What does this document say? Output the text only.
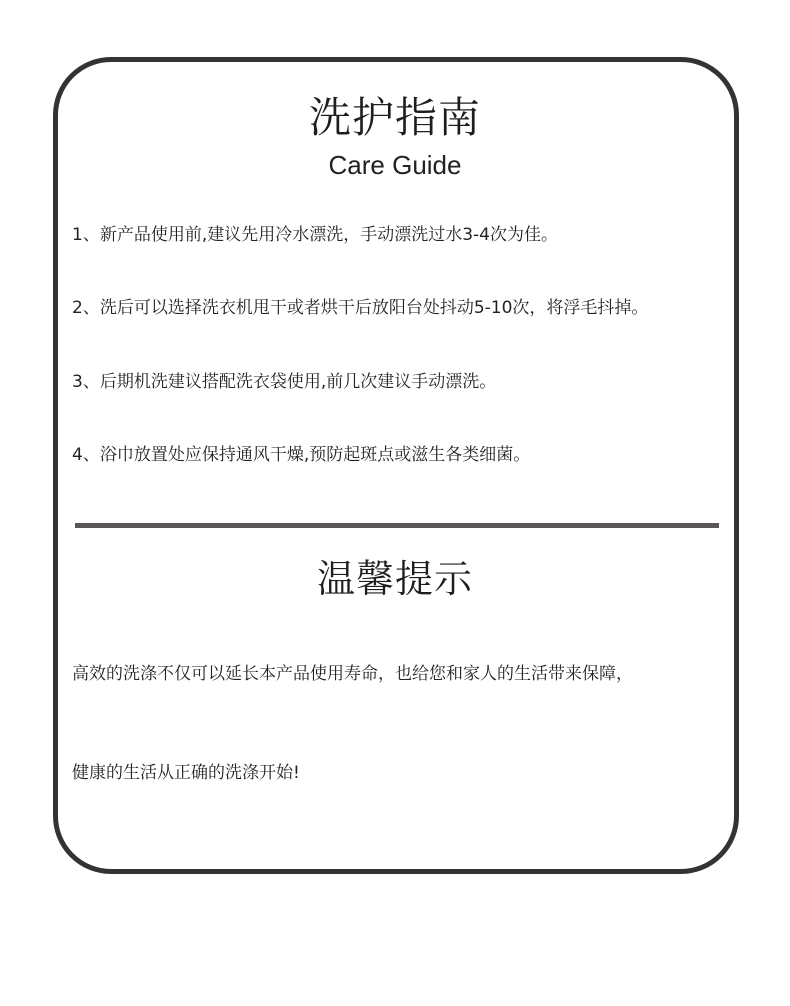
洗护指南
Care Guide
1、新产品使用前,建议先用冷水漂洗，手动漂洗过水3-4次为佳。
2、洗后可以选择洗衣机甩干或者烘干后放阳台处抖动5-10次，将浮毛抖掉。
3、后期机洗建议搭配洗衣袋使用,前几次建议手动漂洗。
4、浴巾放置处应保持通风干燥,预防起斑点或滋生各类细菌。
温馨提示
高效的洗涤不仅可以延长本产品使用寿命，也给您和家人的生活带来保障，
健康的生活从正确的洗涤开始!
